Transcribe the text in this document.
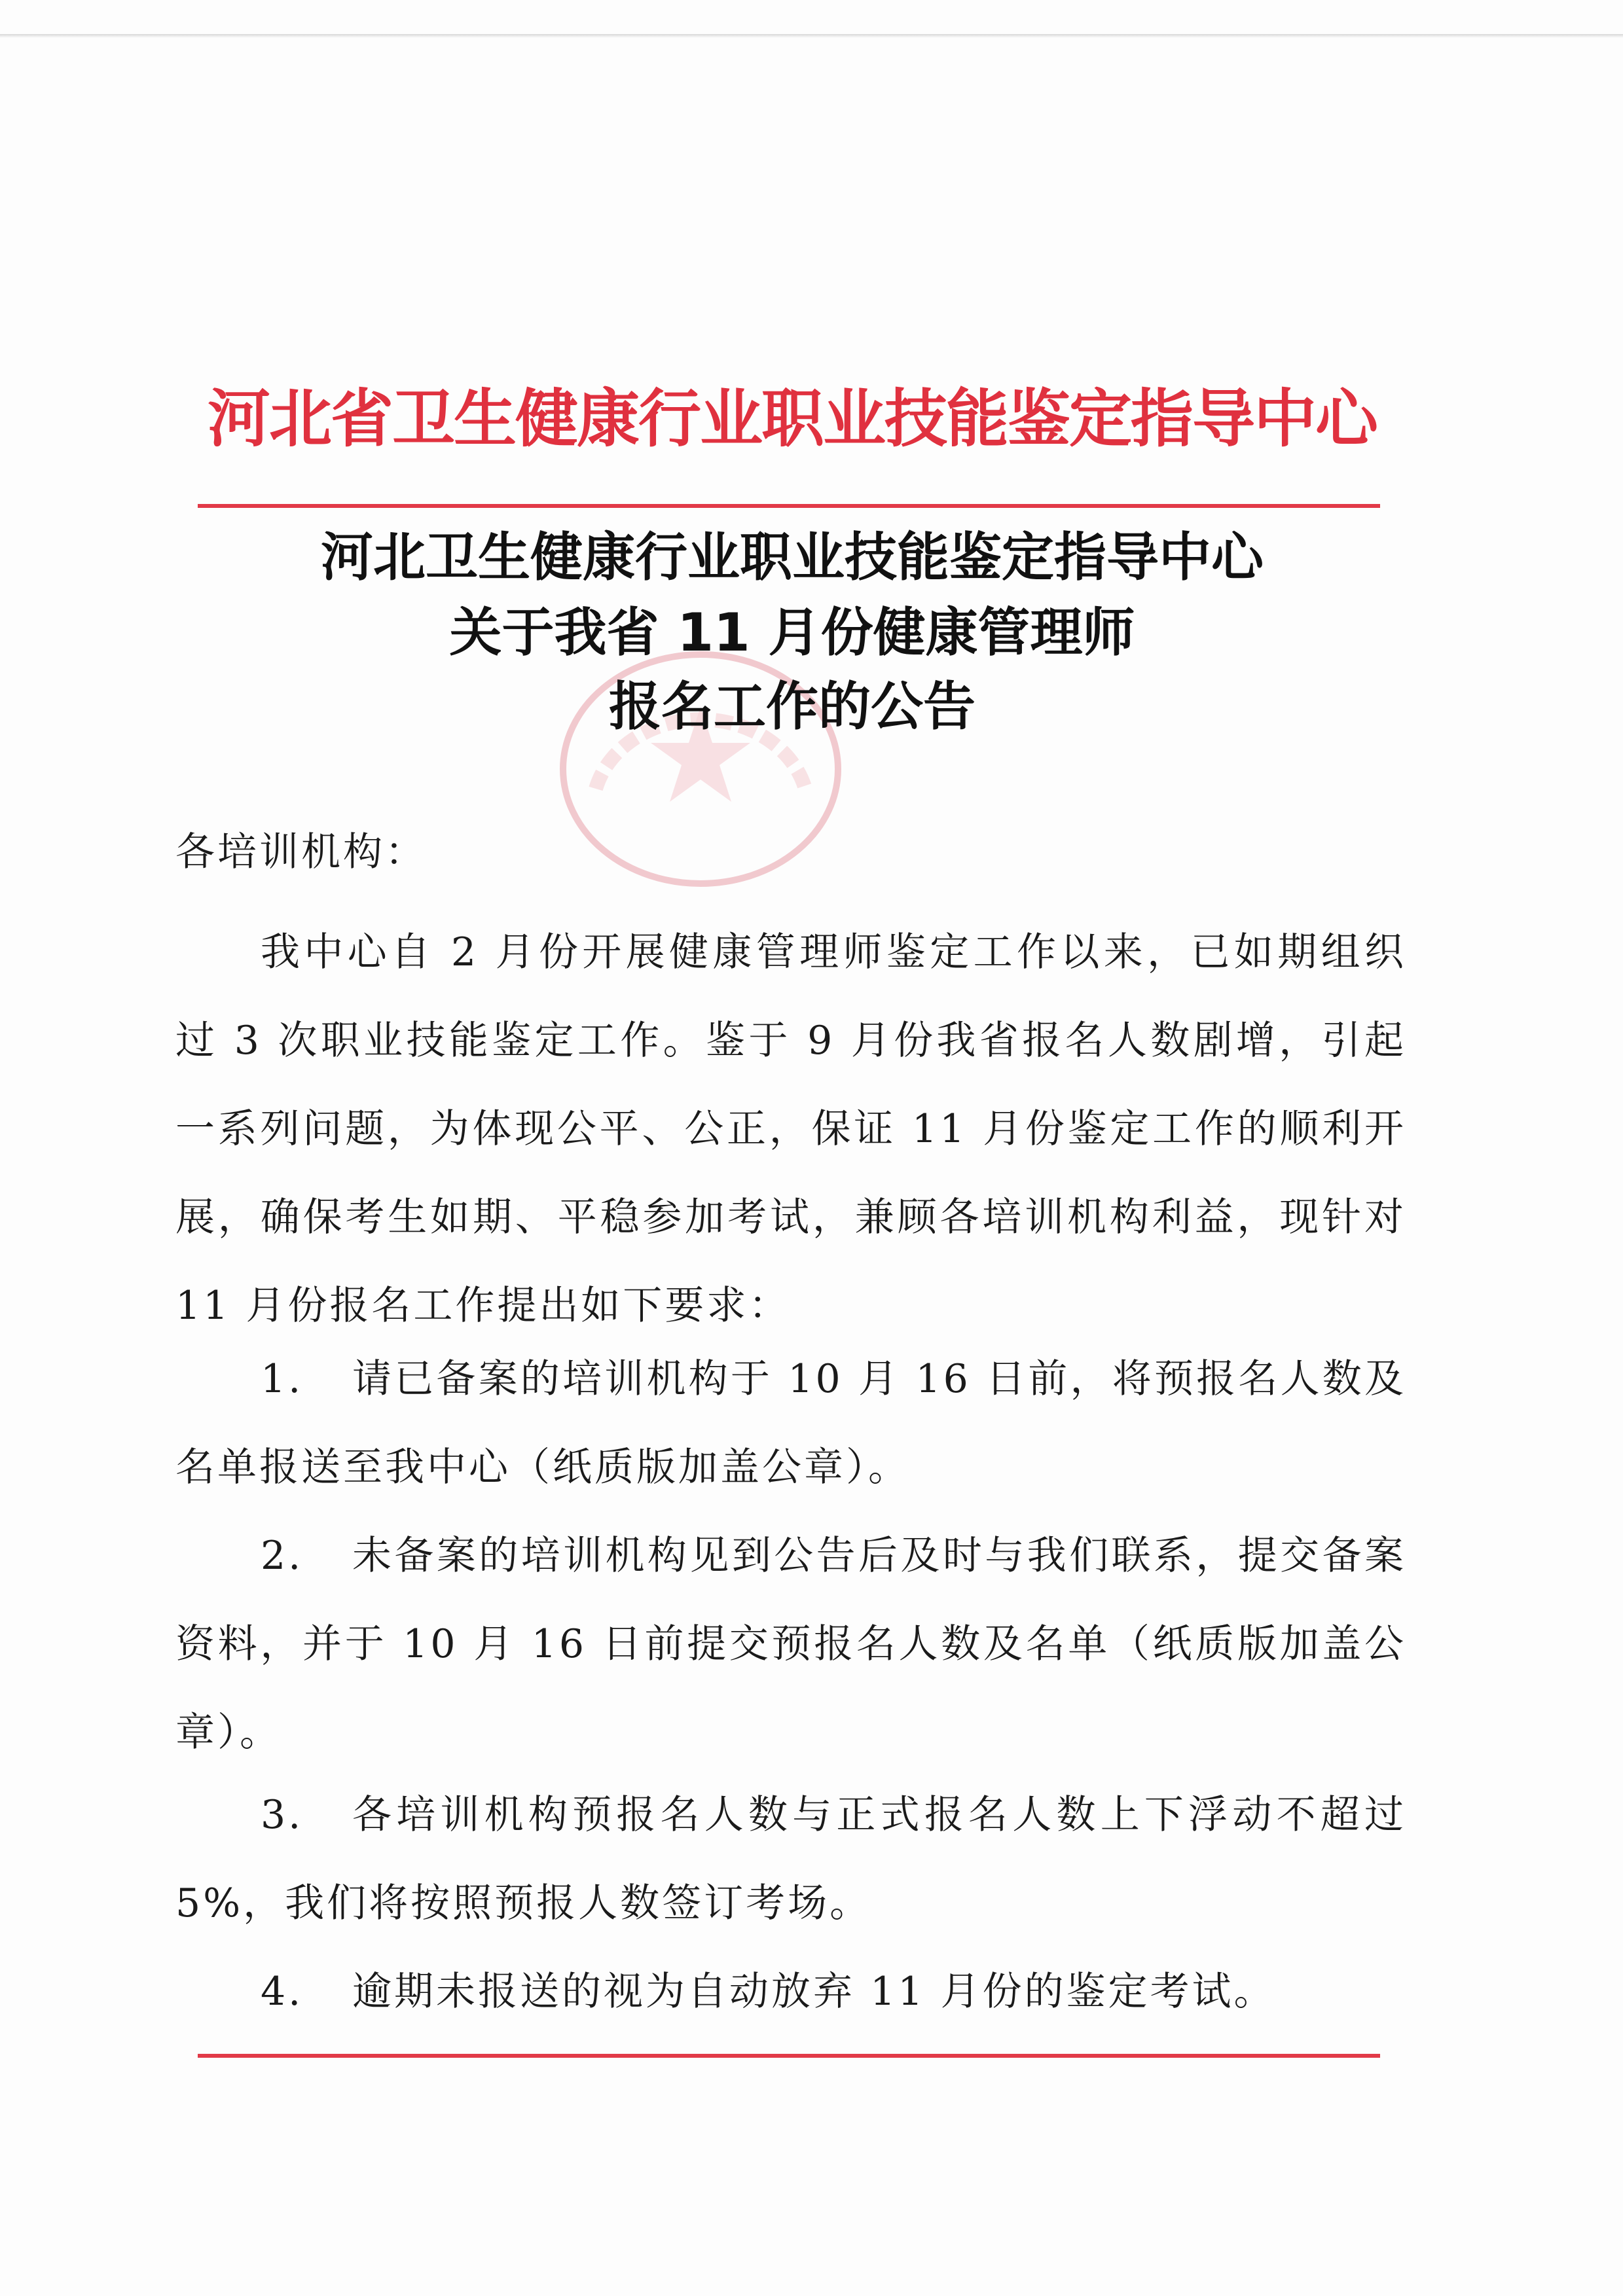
河北省卫生健康行业职业技能鉴定指导中心
河北卫生健康行业职业技能鉴定指导中心
关于我省 11 月份健康管理师
报名工作的公告
各培训机构：
我中心自 2 月份开展健康管理师鉴定工作以来，已如期组织过 3 次职业技能鉴定工作。鉴于 9 月份我省报名人数剧增，引起一系列问题，为体现公平、公正，保证 11 月份鉴定工作的顺利开展，确保考生如期、平稳参加考试，兼顾各培训机构利益，现针对 11 月份报名工作提出如下要求：
1.	请已备案的培训机构于 10 月 16 日前，将预报名人数及名单报送至我中心（纸质版加盖公章）。
2.	未备案的培训机构见到公告后及时与我们联系，提交备案资料，并于 10 月 16 日前提交预报名人数及名单（纸质版加盖公章）。
3.	各培训机构预报名人数与正式报名人数上下浮动不超过 5%，我们将按照预报人数签订考场。
4.	逾期未报送的视为自动放弃 11 月份的鉴定考试。
